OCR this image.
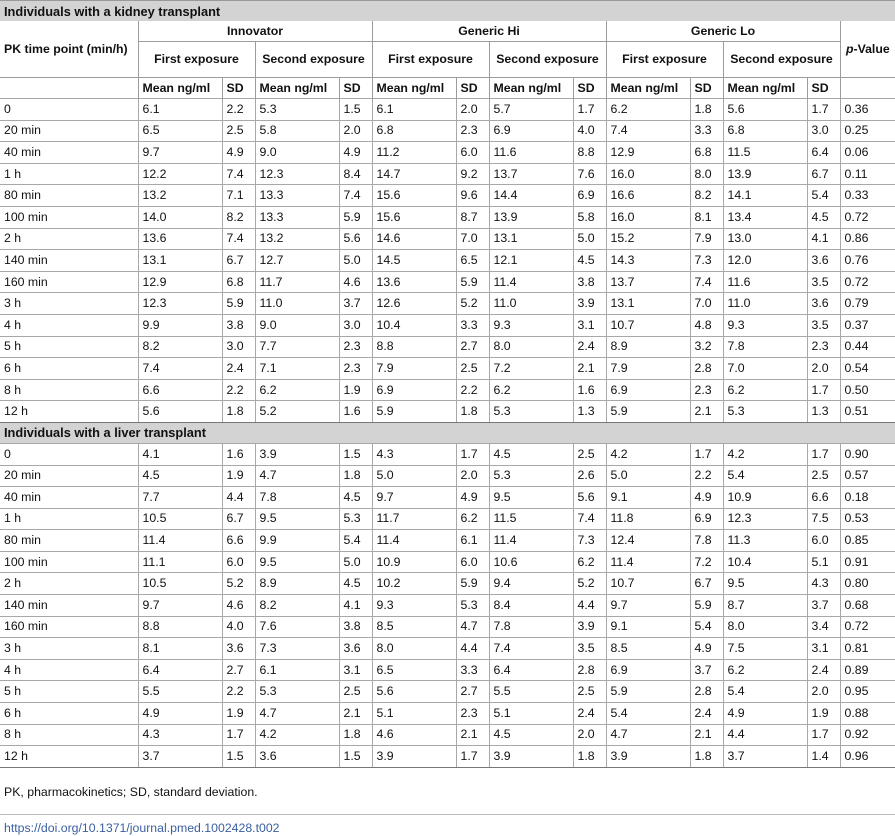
Individuals with a kidney transplant													
PK time point (min/h)	Innovator				Generic Hi				Generic Lo				p-Value
	First exposure		Second exposure		First exposure		Second exposure		First exposure		Second exposure		
	Mean ng/ml	SD	Mean ng/ml	SD	Mean ng/ml	SD	Mean ng/ml	SD	Mean ng/ml	SD	Mean ng/ml	SD	
0	6.1	2.2	5.3	1.5	6.1	2.0	5.7	1.7	6.2	1.8	5.6	1.7	0.36
20 min	6.5	2.5	5.8	2.0	6.8	2.3	6.9	4.0	7.4	3.3	6.8	3.0	0.25
40 min	9.7	4.9	9.0	4.9	11.2	6.0	11.6	8.8	12.9	6.8	11.5	6.4	0.06
1 h	12.2	7.4	12.3	8.4	14.7	9.2	13.7	7.6	16.0	8.0	13.9	6.7	0.11
80 min	13.2	7.1	13.3	7.4	15.6	9.6	14.4	6.9	16.6	8.2	14.1	5.4	0.33
100 min	14.0	8.2	13.3	5.9	15.6	8.7	13.9	5.8	16.0	8.1	13.4	4.5	0.72
2 h	13.6	7.4	13.2	5.6	14.6	7.0	13.1	5.0	15.2	7.9	13.0	4.1	0.86
140 min	13.1	6.7	12.7	5.0	14.5	6.5	12.1	4.5	14.3	7.3	12.0	3.6	0.76
160 min	12.9	6.8	11.7	4.6	13.6	5.9	11.4	3.8	13.7	7.4	11.6	3.5	0.72
3 h	12.3	5.9	11.0	3.7	12.6	5.2	11.0	3.9	13.1	7.0	11.0	3.6	0.79
4 h	9.9	3.8	9.0	3.0	10.4	3.3	9.3	3.1	10.7	4.8	9.3	3.5	0.37
5 h	8.2	3.0	7.7	2.3	8.8	2.7	8.0	2.4	8.9	3.2	7.8	2.3	0.44
6 h	7.4	2.4	7.1	2.3	7.9	2.5	7.2	2.1	7.9	2.8	7.0	2.0	0.54
8 h	6.6	2.2	6.2	1.9	6.9	2.2	6.2	1.6	6.9	2.3	6.2	1.7	0.50
12 h	5.6	1.8	5.2	1.6	5.9	1.8	5.3	1.3	5.9	2.1	5.3	1.3	0.51
Individuals with a liver transplant													
0	4.1	1.6	3.9	1.5	4.3	1.7	4.5	2.5	4.2	1.7	4.2	1.7	0.90
20 min	4.5	1.9	4.7	1.8	5.0	2.0	5.3	2.6	5.0	2.2	5.4	2.5	0.57
40 min	7.7	4.4	7.8	4.5	9.7	4.9	9.5	5.6	9.1	4.9	10.9	6.6	0.18
1 h	10.5	6.7	9.5	5.3	11.7	6.2	11.5	7.4	11.8	6.9	12.3	7.5	0.53
80 min	11.4	6.6	9.9	5.4	11.4	6.1	11.4	7.3	12.4	7.8	11.3	6.0	0.85
100 min	11.1	6.0	9.5	5.0	10.9	6.0	10.6	6.2	11.4	7.2	10.4	5.1	0.91
2 h	10.5	5.2	8.9	4.5	10.2	5.9	9.4	5.2	10.7	6.7	9.5	4.3	0.80
140 min	9.7	4.6	8.2	4.1	9.3	5.3	8.4	4.4	9.7	5.9	8.7	3.7	0.68
160 min	8.8	4.0	7.6	3.8	8.5	4.7	7.8	3.9	9.1	5.4	8.0	3.4	0.72
3 h	8.1	3.6	7.3	3.6	8.0	4.4	7.4	3.5	8.5	4.9	7.5	3.1	0.81
4 h	6.4	2.7	6.1	3.1	6.5	3.3	6.4	2.8	6.9	3.7	6.2	2.4	0.89
5 h	5.5	2.2	5.3	2.5	5.6	2.7	5.5	2.5	5.9	2.8	5.4	2.0	0.95
6 h	4.9	1.9	4.7	2.1	5.1	2.3	5.1	2.4	5.4	2.4	4.9	1.9	0.88
8 h	4.3	1.7	4.2	1.8	4.6	2.1	4.5	2.0	4.7	2.1	4.4	1.7	0.92
12 h	3.7	1.5	3.6	1.5	3.9	1.7	3.9	1.8	3.9	1.8	3.7	1.4	0.96
PK, pharmacokinetics; SD, standard deviation.
https://doi.org/10.1371/journal.pmed.1002428.t002
